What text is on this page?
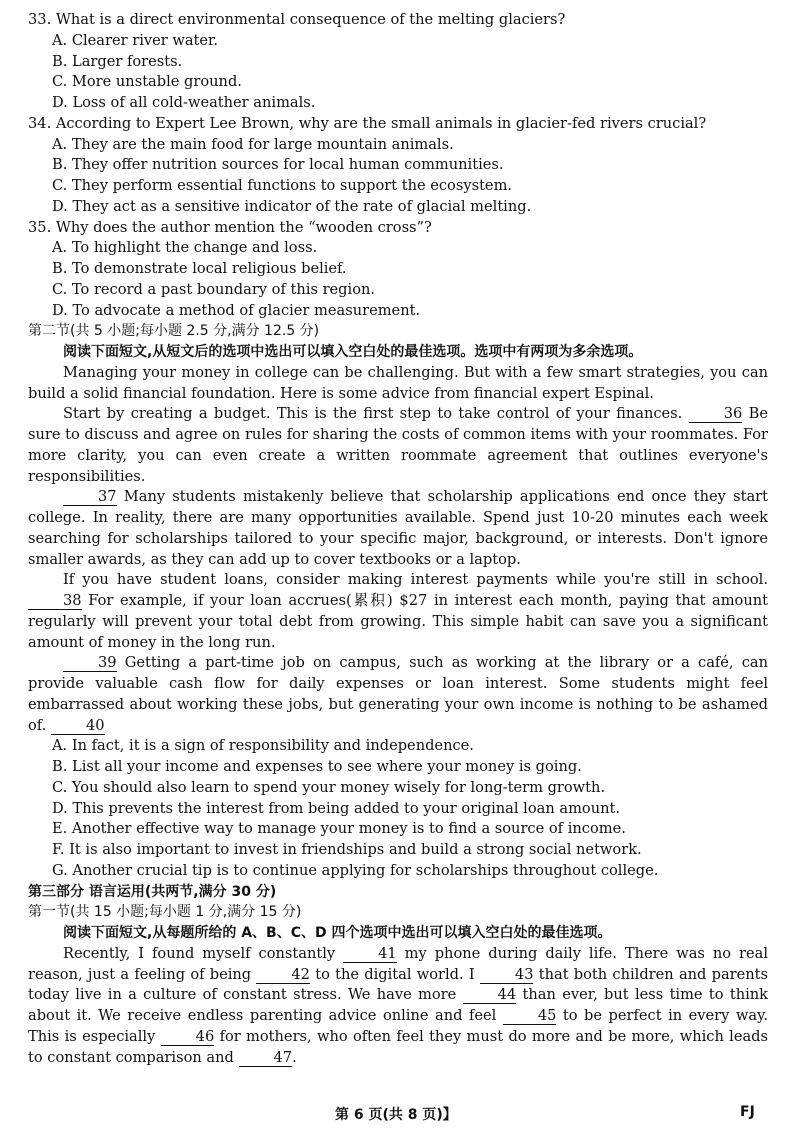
33. What is a direct environmental consequence of the melting glaciers?
A. Clearer river water.
B. Larger forests.
C. More unstable ground.
D. Loss of all cold-weather animals.
34. According to Expert Lee Brown, why are the small animals in glacier-fed rivers crucial?
A. They are the main food for large mountain animals.
B. They offer nutrition sources for local human communities.
C. They perform essential functions to support the ecosystem.
D. They act as a sensitive indicator of the rate of glacial melting.
35. Why does the author mention the “wooden cross”?
A. To highlight the change and loss.
B. To demonstrate local religious belief.
C. To record a past boundary of this region.
D. To advocate a method of glacier measurement.
第二节(共 5 小题;每小题 2.5 分,满分 12.5 分)
阅读下面短文,从短文后的选项中选出可以填入空白处的最佳选项。选项中有两项为多余选项。
Managing your money in college can be challenging. But with a few smart strategies, you can build a solid financial foundation. Here is some advice from financial expert Espinal.
Start by creating a budget. This is the first step to take control of your finances.	36 Be sure to discuss and agree on rules for sharing the costs of common items with your roommates. For more clarity, you can even create a written roommate agreement that outlines everyone's responsibilities.
37 Many students mistakenly believe that scholarship applications end once they start college. In reality, there are many opportunities available. Spend just 10-20 minutes each week searching for scholarships tailored to your specific major, background, or interests. Don't ignore smaller awards, as they can add up to cover textbooks or a laptop.
If you have student loans, consider making interest payments while you're still in school. 38 For example, if your loan accrues(累积) $27 in interest each month, paying that amount regularly will prevent your total debt from growing. This simple habit can save you a significant amount of money in the long run.
39 Getting a part-time job on campus, such as working at the library or a café, can provide valuable cash flow for daily expenses or loan interest. Some students might feel embarrassed about working these jobs, but generating your own income is nothing to be ashamed of.	40
A. In fact, it is a sign of responsibility and independence.
B. List all your income and expenses to see where your money is going.
C. You should also learn to spend your money wisely for long-term growth.
D. This prevents the interest from being added to your original loan amount.
E. Another effective way to manage your money is to find a source of income.
F. It is also important to invest in friendships and build a strong social network.
G. Another crucial tip is to continue applying for scholarships throughout college.
第三部分 语言运用(共两节,满分 30 分)
第一节(共 15 小题;每小题 1 分,满分 15 分)
阅读下面短文,从每题所给的 A、B、C、D 四个选项中选出可以填入空白处的最佳选项。
Recently, I found myself constantly	41 my phone during daily life. There was no real reason, just a feeling of being	42 to the digital world. I	43 that both children and parents today live in a culture of constant stress. We have more	44 than ever, but less time to think about it. We receive endless parenting advice online and feel	45 to be perfect in every way. This is especially	46 for mothers, who often feel they must do more and be more, which leads to constant comparison and	47.
第 6 页(共 8 页)】	FJ
